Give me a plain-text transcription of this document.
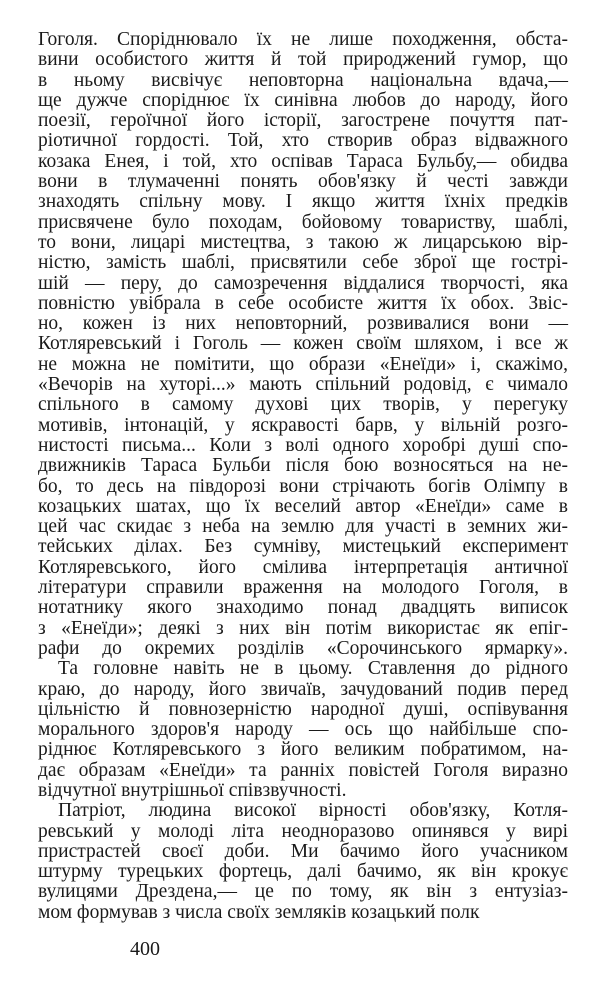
Гоголя. Споріднювало їх не лише походження, обста-
вини особистого життя й той природжений гумор, що
в ньому висвічує неповторна національна вдача,—
ще дужче споріднює їх синівна любов до народу, його
поезії, героїчної його історії, загострене почуття пат-
ріотичної гордості. Той, хто створив образ відважного
козака Енея, і той, хто оспівав Тараса Бульбу,— обидва
вони в тлумаченні понять обов'язку й честі завжди
знаходять спільну мову. І якщо життя їхніх предків
присвячене було походам, бойовому товариству, шаблі,
то вони, лицарі мистецтва, з такою ж лицарською вір-
ністю, замість шаблі, присвятили себе зброї ще гострі-
шій — перу, до самозречення віддалися творчості, яка
повністю увібрала в себе особисте життя їх обох. Звіс-
но, кожен із них неповторний, розвивалися вони —
Котляревський і Гоголь — кожен своїм шляхом, і все ж
не можна не помітити, що образи «Енеїди» і, скажімо,
«Вечорів на хуторі...» мають спільний родовід, є чимало
спільного в самому духові цих творів, у перегуку
мотивів, інтонацій, у яскравості барв, у вільній розго-
нистості письма... Коли з волі одного хоробрі душі спо-
движників Тараса Бульби після бою возносяться на не-
бо, то десь на півдорозі вони стрічають богів Олімпу в
козацьких шатах, що їх веселий автор «Енеїди» саме в
цей час скидає з неба на землю для участі в земних жи-
тейських ділах. Без сумніву, мистецький експеримент
Котляревського, його смілива інтерпретація античної
літератури справили враження на молодого Гоголя, в
нотатнику якого знаходимо понад двадцять виписок
з «Енеїди»; деякі з них він потім використає як епіг-
рафи до окремих розділів «Сорочинського ярмарку».
Та головне навіть не в цьому. Ставлення до рідного
краю, до народу, його звичаїв, зачудований подив перед
цільністю й повнозерністю народної душі, оспівування
морального здоров'я народу — ось що найбільше спо-
ріднює Котляревського з його великим побратимом, на-
дає образам «Енеїди» та ранніх повістей Гоголя виразно
відчутної внутрішньої співзвучності.
Патріот, людина високої вірності обов'язку, Котля-
ревський у молоді літа неодноразово опинявся у вирі
пристрастей своєї доби. Ми бачимо його учасником
штурму турецьких фортець, далі бачимо, як він крокує
вулицями Дрездена,— це по тому, як він з ентузіаз-
мом формував з числа своїх земляків козацький полк
400
